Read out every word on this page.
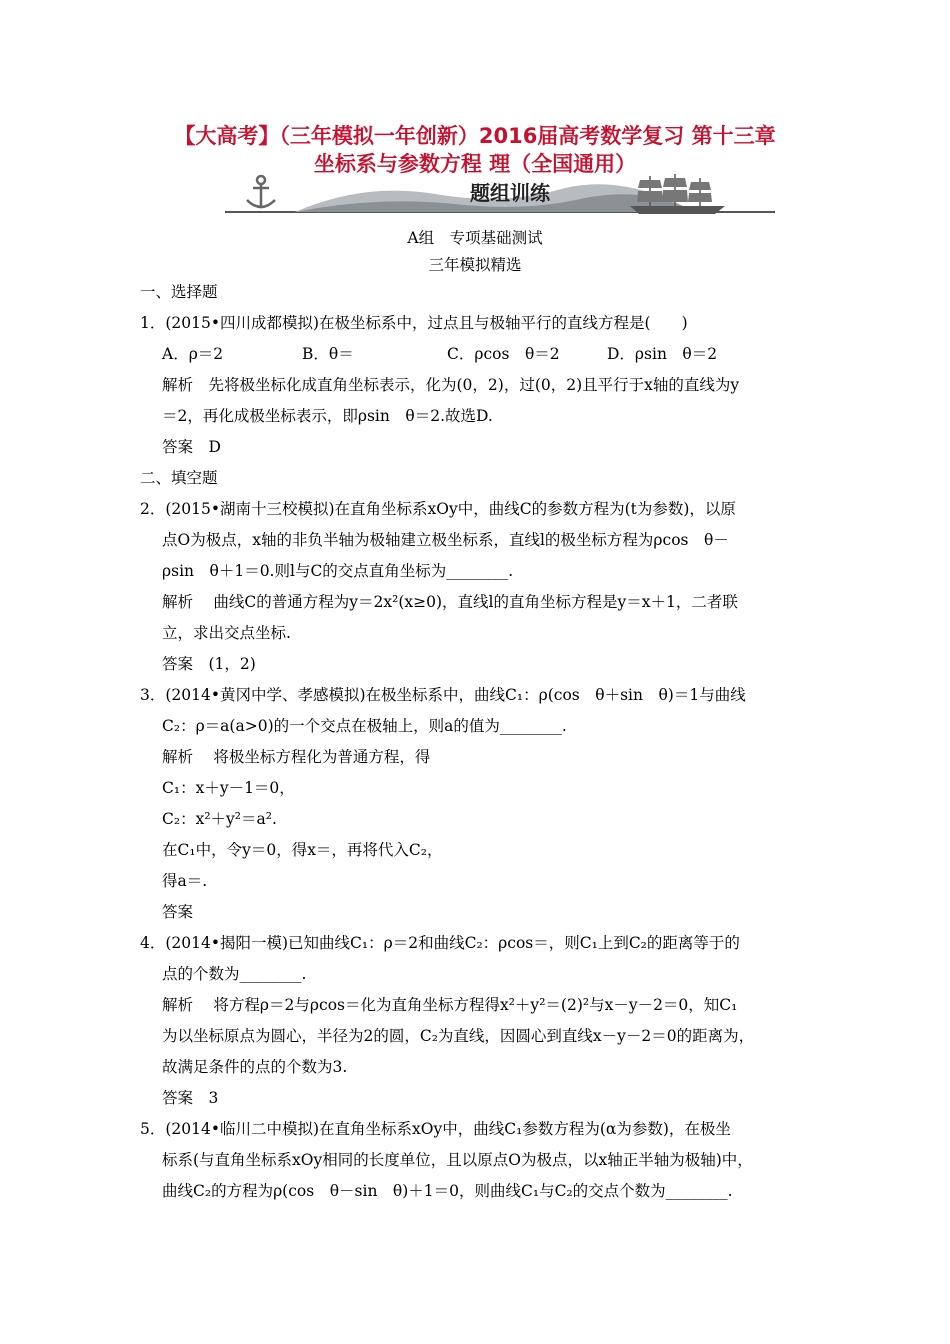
【大高考】（三年模拟一年创新）2016届高考数学复习 第十三章
坐标系与参数方程 理（全国通用）
题组训练
A组　专项基础测试
三年模拟精选
一、选择题
1．(2015•四川成都模拟)在极坐标系中，过点且与极轴平行的直线方程是(　　)
A．ρ＝2	B．θ＝	C．ρcos　θ＝2	D．ρsin　θ＝2
解析　先将极坐标化成直角坐标表示，化为(0，2)，过(0，2)且平行于x轴的直线为y
＝2，再化成极坐标表示，即ρsin　θ＝2.故选D.
答案　D
二、填空题
2．(2015•湖南十三校模拟)在直角坐标系xOy中，曲线C的参数方程为(t为参数)，以原
点O为极点，x轴的非负半轴为极轴建立极坐标系，直线l的极坐标方程为ρcos　θ－
ρsin　θ＋1＝0.则l与C的交点直角坐标为________.
解析　 曲线C的普通方程为y＝2x²(x≥0)，直线l的直角坐标方程是y＝x＋1，二者联
立，求出交点坐标.
答案　(1，2)
3．(2014•黄冈中学、孝感模拟)在极坐标系中，曲线C₁：ρ(cos　θ＋sin　θ)＝1与曲线
C₂：ρ＝a(a>0)的一个交点在极轴上，则a的值为________.
解析　 将极坐标方程化为普通方程，得
C₁：x＋y－1＝0，
C₂：x²＋y²＝a².
在C₁中，令y＝0，得x＝，再将代入C₂，
得a＝.
答案
4．(2014•揭阳一模)已知曲线C₁：ρ＝2和曲线C₂：ρcos＝，则C₁上到C₂的距离等于的
点的个数为________.
解析　 将方程ρ＝2与ρcos＝化为直角坐标方程得x²＋y²＝(2)²与x－y－2＝0，知C₁
为以坐标原点为圆心，半径为2的圆，C₂为直线，因圆心到直线x－y－2＝0的距离为，
故满足条件的点的个数为3.
答案　3
5．(2014•临川二中模拟)在直角坐标系xOy中，曲线C₁参数方程为(α为参数)，在极坐
标系(与直角坐标系xOy相同的长度单位，且以原点O为极点，以x轴正半轴为极轴)中，
曲线C₂的方程为ρ(cos　θ－sin　θ)＋1＝0，则曲线C₁与C₂的交点个数为________.
